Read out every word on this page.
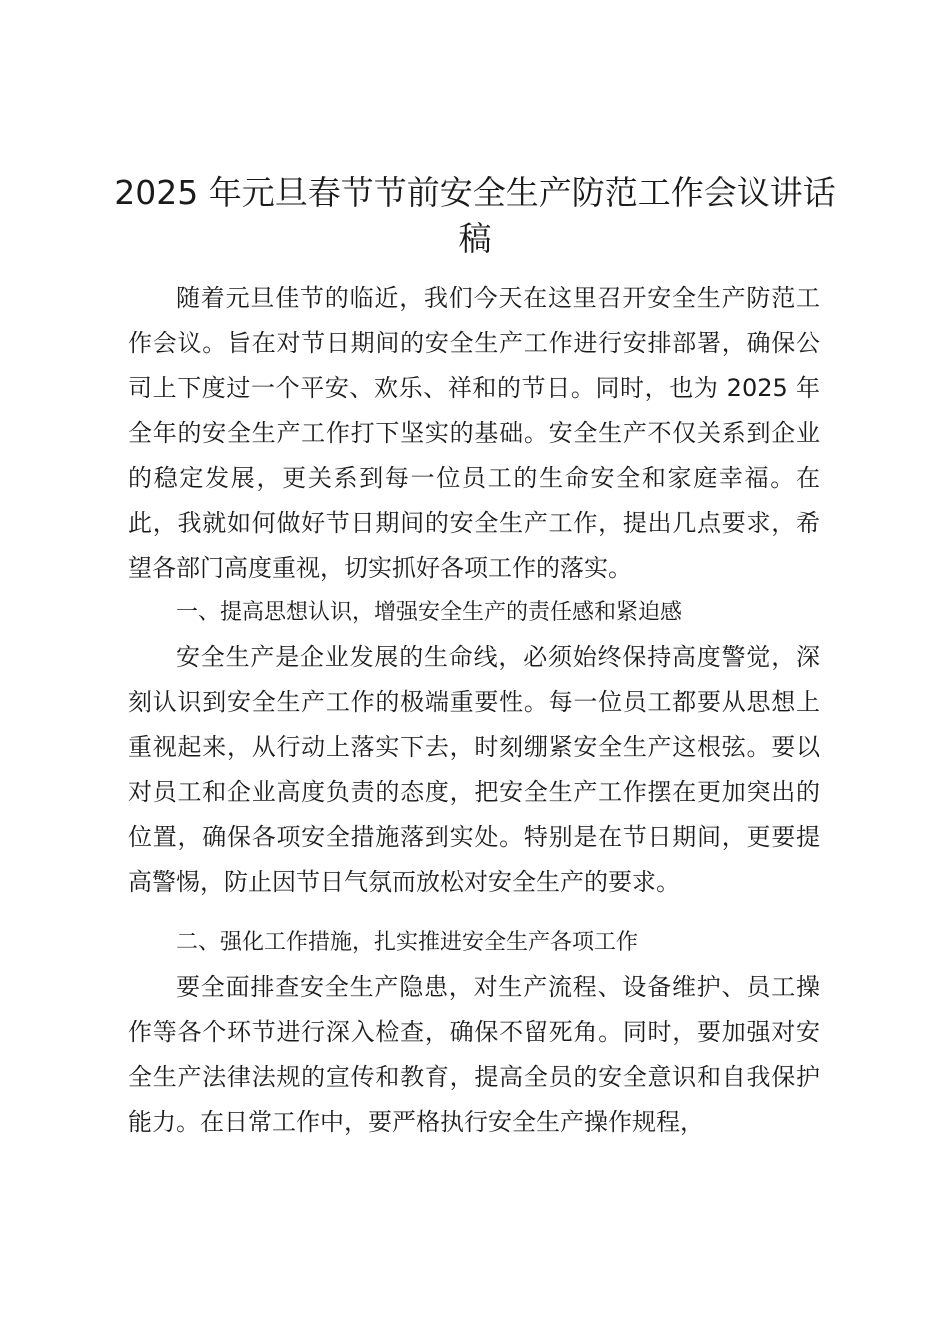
2025 年元旦春节节前安全生产防范工作会议讲话稿

随着元旦佳节的临近，我们今天在这里召开安全生产防范工作会议。旨在对节日期间的安全生产工作进行安排部署，确保公司上下度过一个平安、欢乐、祥和的节日。同时，也为 2025 年全年的安全生产工作打下坚实的基础。安全生产不仅关系到企业的稳定发展，更关系到每一位员工的生命安全和家庭幸福。在此，我就如何做好节日期间的安全生产工作，提出几点要求，希望各部门高度重视，切实抓好各项工作的落实。

一、提高思想认识，增强安全生产的责任感和紧迫感

安全生产是企业发展的生命线，必须始终保持高度警觉，深刻认识到安全生产工作的极端重要性。每一位员工都要从思想上重视起来，从行动上落实下去，时刻绷紧安全生产这根弦。要以对员工和企业高度负责的态度，把安全生产工作摆在更加突出的位置，确保各项安全措施落到实处。特别是在节日期间，更要提高警惕，防止因节日气氛而放松对安全生产的要求。

二、强化工作措施，扎实推进安全生产各项工作

要全面排查安全生产隐患，对生产流程、设备维护、员工操作等各个环节进行深入检查，确保不留死角。同时，要加强对安全生产法律法规的宣传和教育，提高全员的安全意识和自我保护能力。在日常工作中，要严格执行安全生产操作规程，
